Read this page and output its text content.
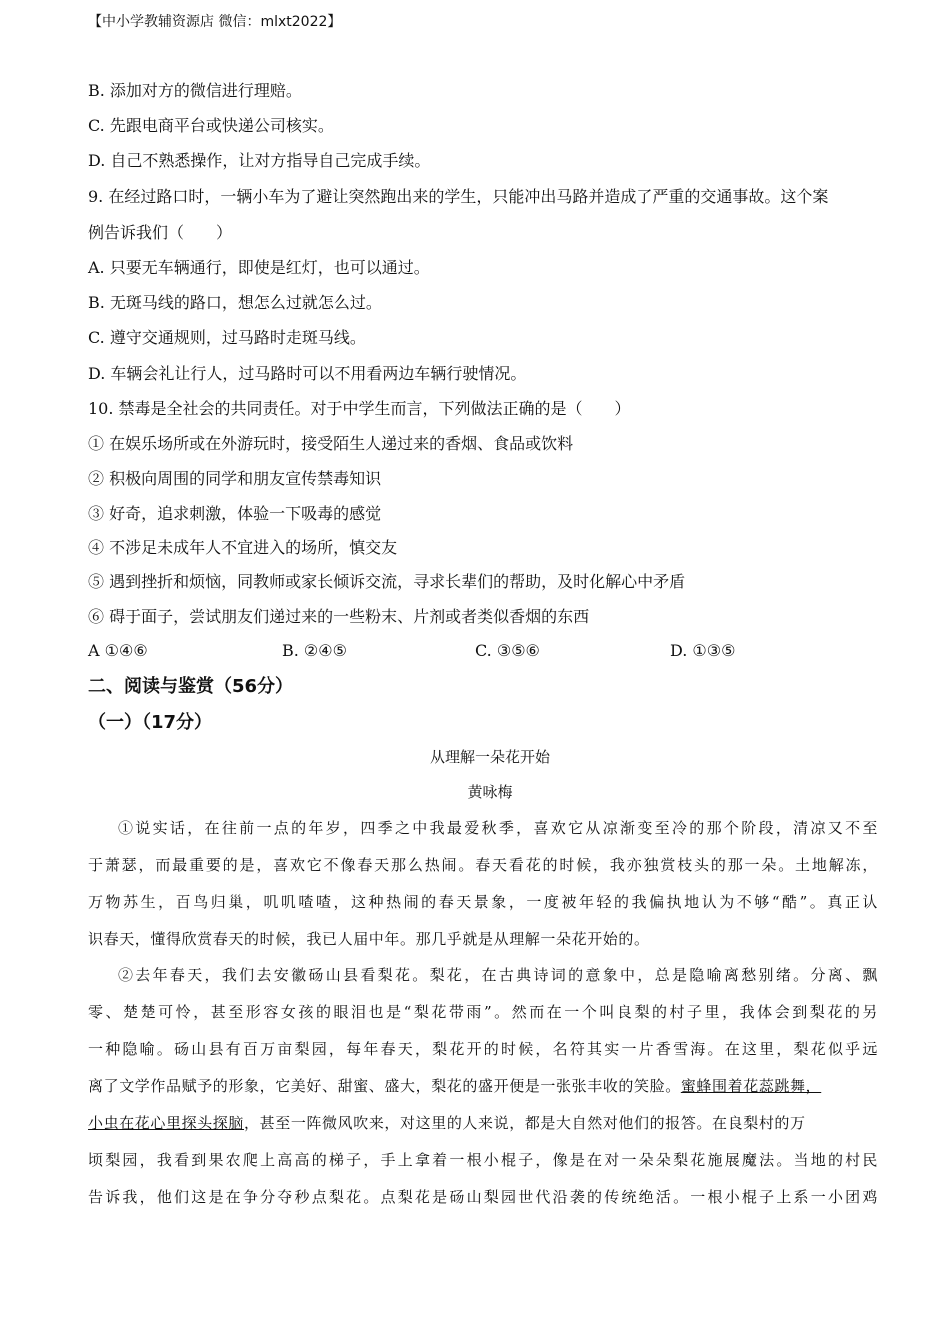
【中小学教辅资源店 微信：mlxt2022】
B. 添加对方的微信进行理赔。
C. 先跟电商平台或快递公司核实。
D. 自己不熟悉操作，让对方指导自己完成手续。
9. 在经过路口时，一辆小车为了避让突然跑出来的学生，只能冲出马路并造成了严重的交通事故。这个案
例告诉我们（　　）
A. 只要无车辆通行，即使是红灯，也可以通过。
B. 无斑马线的路口，想怎么过就怎么过。
C. 遵守交通规则，过马路时走斑马线。
D. 车辆会礼让行人，过马路时可以不用看两边车辆行驶情况。
10. 禁毒是全社会的共同责任。对于中学生而言，下列做法正确的是（　　）
① 在娱乐场所或在外游玩时，接受陌生人递过来的香烟、食品或饮料
② 积极向周围的同学和朋友宣传禁毒知识
③ 好奇，追求刺激，体验一下吸毒的感觉
④ 不涉足未成年人不宜进入的场所，慎交友
⑤ 遇到挫折和烦恼，同教师或家长倾诉交流，寻求长辈们的帮助，及时化解心中矛盾
⑥ 碍于面子，尝试朋友们递过来的一些粉末、片剂或者类似香烟的东西
A ①④⑥	B. ②④⑤	C. ③⑤⑥	D. ①③⑤
二、阅读与鉴赏（56分）
（一）（17分）
从理解一朵花开始
黄咏梅
①说实话，在往前一点的年岁，四季之中我最爱秋季，喜欢它从凉渐变至冷的那个阶段，清凉又不至
于萧瑟，而最重要的是，喜欢它不像春天那么热闹。春天看花的时候，我亦独赏枝头的那一朵。土地解冻，
万物苏生，百鸟归巢，叽叽喳喳，这种热闹的春天景象，一度被年轻的我偏执地认为不够“酷”。真正认
识春天，懂得欣赏春天的时候，我已人届中年。那几乎就是从理解一朵花开始的。
②去年春天，我们去安徽砀山县看梨花。梨花，在古典诗词的意象中，总是隐喻离愁别绪。分离、飘
零、楚楚可怜，甚至形容女孩的眼泪也是“梨花带雨”。然而在一个叫良梨的村子里，我体会到梨花的另
一种隐喻。砀山县有百万亩梨园，每年春天，梨花开的时候，名符其实一片香雪海。在这里，梨花似乎远
离了文学作品赋予的形象，它美好、甜蜜、盛大，梨花的盛开便是一张张丰收的笑脸。蜜蜂围着花蕊跳舞，
小虫在花心里探头探脑，甚至一阵微风吹来，对这里的人来说，都是大自然对他们的报答。在良梨村的万
顷梨园，我看到果农爬上高高的梯子，手上拿着一根小棍子，像是在对一朵朵梨花施展魔法。当地的村民
告诉我，他们这是在争分夺秒点梨花。点梨花是砀山梨园世代沿袭的传统绝活。一根小棍子上系一小团鸡
